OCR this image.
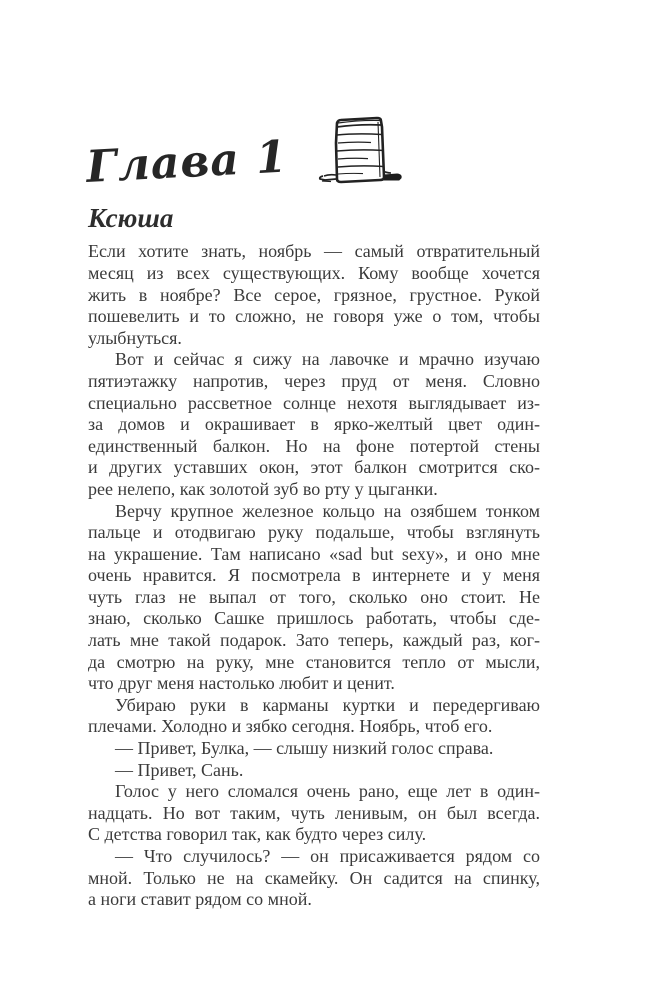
Глава 1
Ксюша
Если хотите знать, ноябрь — самый отвратительный
месяц из всех существующих. Кому вообще хочется
жить в ноябре? Все серое, грязное, грустное. Рукой
пошевелить и то сложно, не говоря уже о том, чтобы
улыбнуться.
Вот и сейчас я сижу на лавочке и мрачно изучаю
пятиэтажку напротив, через пруд от меня. Словно
специально рассветное солнце нехотя выглядывает из-
за домов и окрашивает в ярко-желтый цвет один-
единственный балкон. Но на фоне потертой стены
и других уставших окон, этот балкон смотрится ско-
рее нелепо, как золотой зуб во рту у цыганки.
Верчу крупное железное кольцо на озябшем тонком
пальце и отодвигаю руку подальше, чтобы взглянуть
на украшение. Там написано «sad but sexy», и оно мне
очень нравится. Я посмотрела в интернете и у меня
чуть глаз не выпал от того, сколько оно стоит. Не
знаю, сколько Сашке пришлось работать, чтобы сде-
лать мне такой подарок. Зато теперь, каждый раз, ког-
да смотрю на руку, мне становится тепло от мысли,
что друг меня настолько любит и ценит.
Убираю руки в карманы куртки и передергиваю
плечами. Холодно и зябко сегодня. Ноябрь, чтоб его.
— Привет, Булка, — слышу низкий голос справа.
— Привет, Сань.
Голос у него сломался очень рано, еще лет в один-
надцать. Но вот таким, чуть ленивым, он был всегда.
С детства говорил так, как будто через силу.
— Что случилось? — он присаживается рядом со
мной. Только не на скамейку. Он садится на спинку,
а ноги ставит рядом со мной.
